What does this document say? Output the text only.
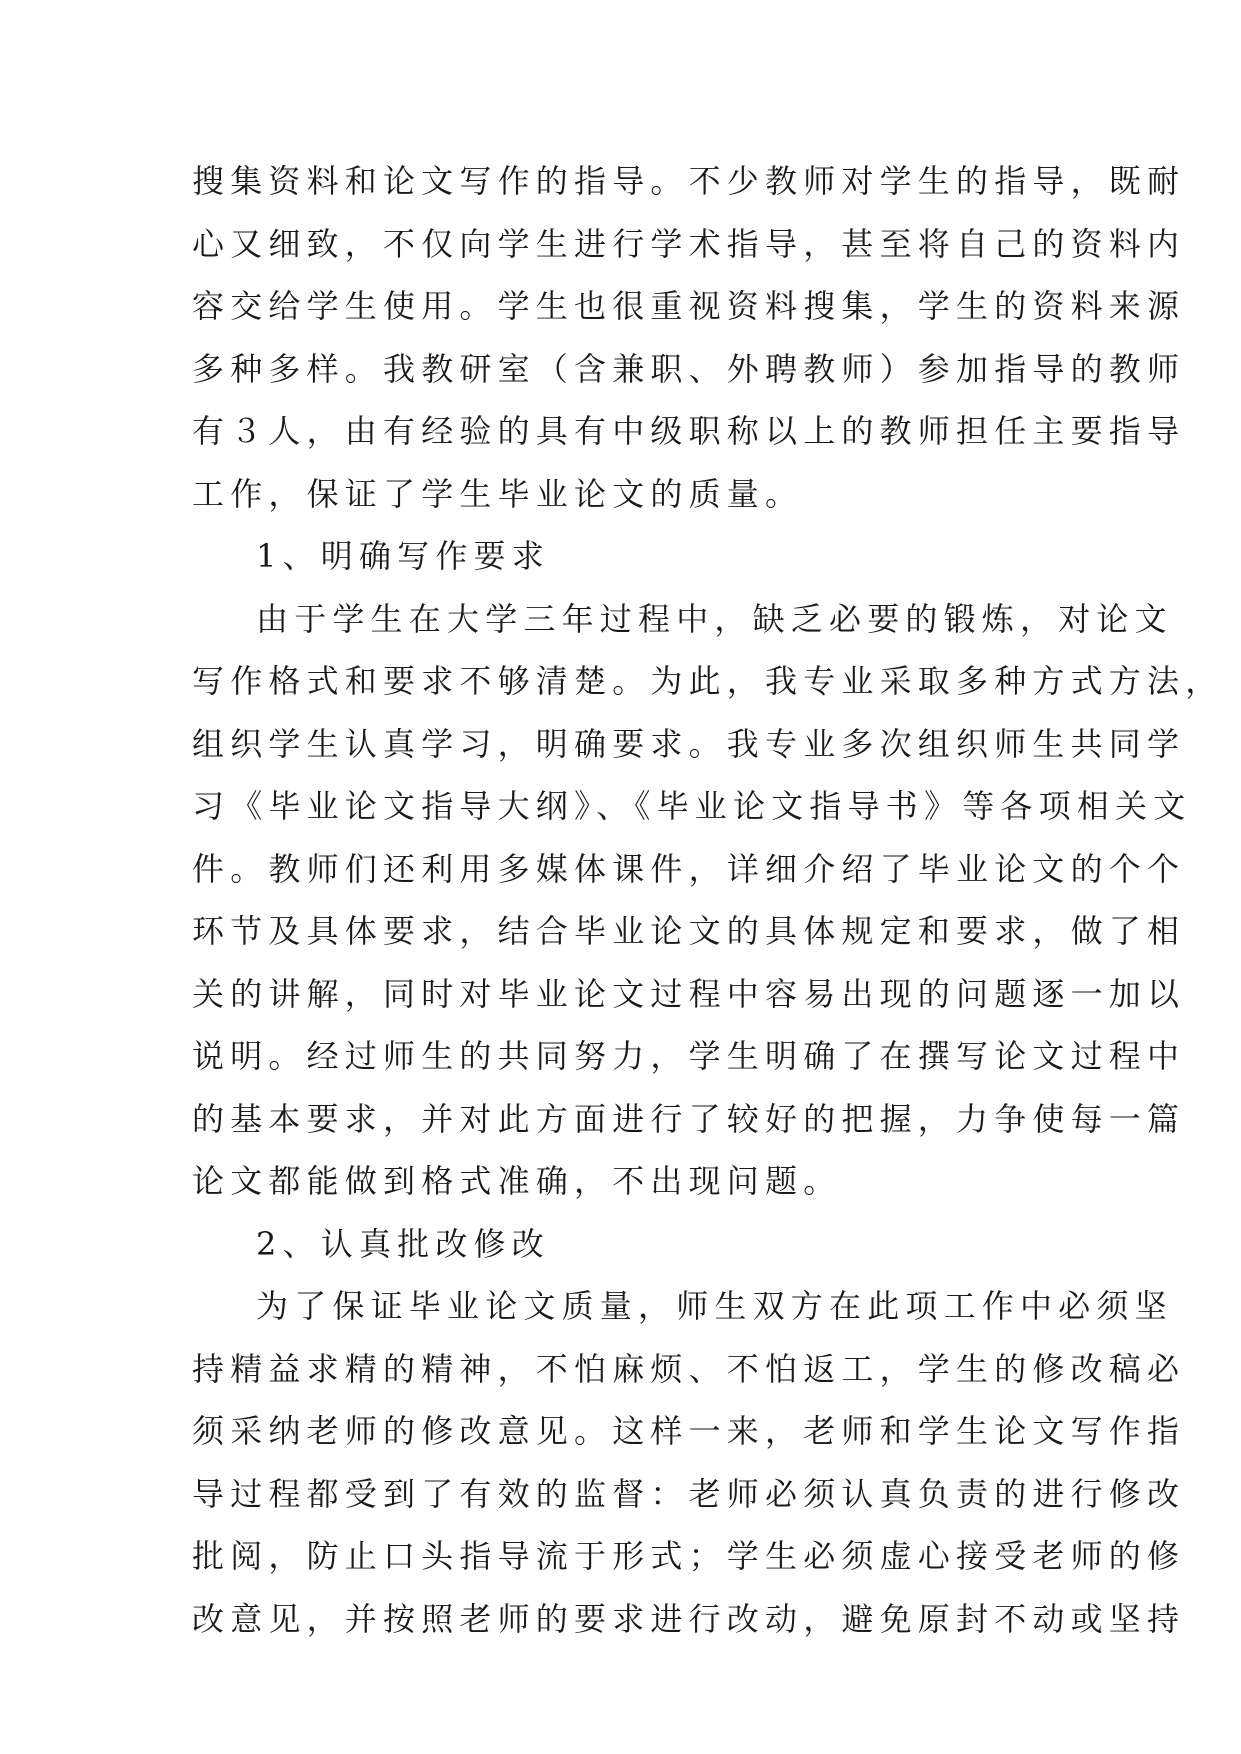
搜集资料和论文写作的指导。不少教师对学生的指导，既耐
心又细致，不仅向学生进行学术指导，甚至将自己的资料内
容交给学生使用。学生也很重视资料搜集，学生的资料来源
多种多样。我教研室（含兼职、外聘教师）参加指导的教师
有３人，由有经验的具有中级职称以上的教师担任主要指导
工作，保证了学生毕业论文的质量。
1、明确写作要求
由于学生在大学三年过程中，缺乏必要的锻炼，对论文
写作格式和要求不够清楚。为此，我专业采取多种方式方法，
组织学生认真学习，明确要求。我专业多次组织师生共同学
习《毕业论文指导大纲》、《毕业论文指导书》等各项相关文
件。教师们还利用多媒体课件，详细介绍了毕业论文的个个
环节及具体要求，结合毕业论文的具体规定和要求，做了相
关的讲解，同时对毕业论文过程中容易出现的问题逐一加以
说明。经过师生的共同努力，学生明确了在撰写论文过程中
的基本要求，并对此方面进行了较好的把握，力争使每一篇
论文都能做到格式准确，不出现问题。
2、认真批改修改
为了保证毕业论文质量，师生双方在此项工作中必须坚
持精益求精的精神，不怕麻烦、不怕返工，学生的修改稿必
须采纳老师的修改意见。这样一来，老师和学生论文写作指
导过程都受到了有效的监督：老师必须认真负责的进行修改
批阅，防止口头指导流于形式；学生必须虚心接受老师的修
改意见，并按照老师的要求进行改动，避免原封不动或坚持
